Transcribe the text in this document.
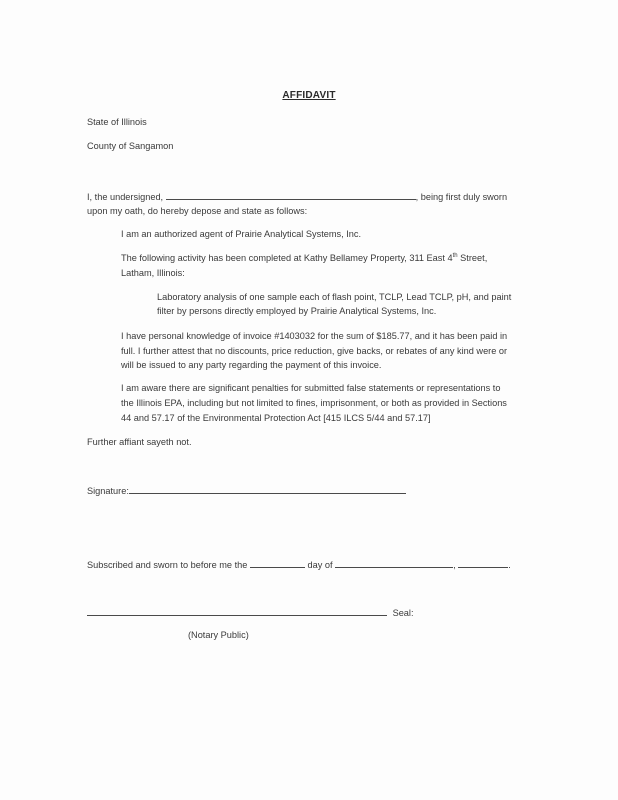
AFFIDAVIT
State of Illinois
County of Sangamon
I, the undersigned,	, being first duly sworn
upon my oath, do hereby depose and state as follows:
I am an authorized agent of Prairie Analytical Systems, Inc.
The following activity has been completed at Kathy Bellamey Property, 311 East 4th Street,
Latham, Illinois:
Laboratory analysis of one sample each of flash point, TCLP, Lead TCLP, pH, and paint
filter by persons directly employed by Prairie Analytical Systems, Inc.
I have personal knowledge of invoice #1403032 for the sum of $185.77, and it has been paid in
full. I further attest that no discounts, price reduction, give backs, or rebates of any kind were or
will be issued to any party regarding the payment of this invoice.
I am aware there are significant penalties for submitted false statements or representations to
the Illinois EPA, including but not limited to fines, imprisonment, or both as provided in Sections
44 and 57.17 of the Environmental Protection Act [415 ILCS 5/44 and 57.17]
Further affiant sayeth not.
Signature:
Subscribed and sworn to before me the	day of	,	.
Seal:
(Notary Public)
